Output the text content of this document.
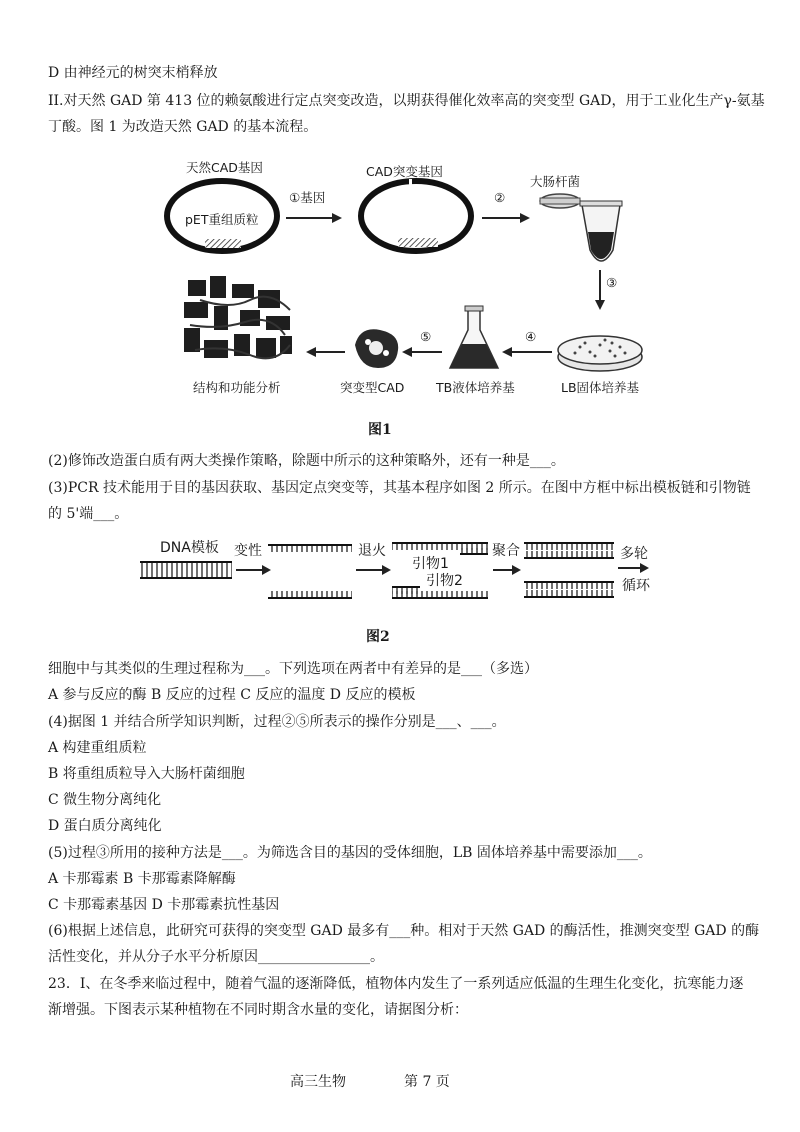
D 由神经元的树突末梢释放
II.对天然 GAD 第 413 位的赖氨酸进行定点突变改造，以期获得催化效率高的突变型 GAD，用于工业化生产γ-氨基
丁酸。图 1 为改造天然 GAD 的基本流程。
天然CAD基因
pET重组质粒
①基因
CAD突变基因
②
大肠杆菌
③
④
⑤
LB固体培养基
TB液体培养基
突变型CAD
结构和功能分析
图1
(2)修饰改造蛋白质有两大类操作策略，除题中所示的这种策略外，还有一种是___。
(3)PCR 技术能用于目的基因获取、基因定点突变等，其基本程序如图 2 所示。在图中方框中标出模板链和引物链
的 5'端___。
DNA模板 变性	退火
引物1
引物2
聚合	多轮
循环
图2
细胞中与其类似的生理过程称为___。下列选项在两者中有差异的是___（多选）
A 参与反应的酶 B 反应的过程 C 反应的温度 D 反应的模板
(4)据图 1 并结合所学知识判断，过程②⑤所表示的操作分别是___、___。
A 构建重组质粒
B 将重组质粒导入大肠杆菌细胞
C 微生物分离纯化
D 蛋白质分离纯化
(5)过程③所用的接种方法是___。为筛选含目的基因的受体细胞，LB 固体培养基中需要添加___。
A 卡那霉素 B 卡那霉素降解酶
C 卡那霉素基因 D 卡那霉素抗性基因
(6)根据上述信息，此研究可获得的突变型 GAD 最多有___种。相对于天然 GAD 的酶活性，推测突变型 GAD 的酶
活性变化，并从分子水平分析原因________________。
23．I、在冬季来临过程中，随着气温的逐渐降低，植物体内发生了一系列适应低温的生理生化变化，抗寒能力逐
渐增强。下图表示某种植物在不同时期含水量的变化，请据图分析：
高三生物	第 7 页
